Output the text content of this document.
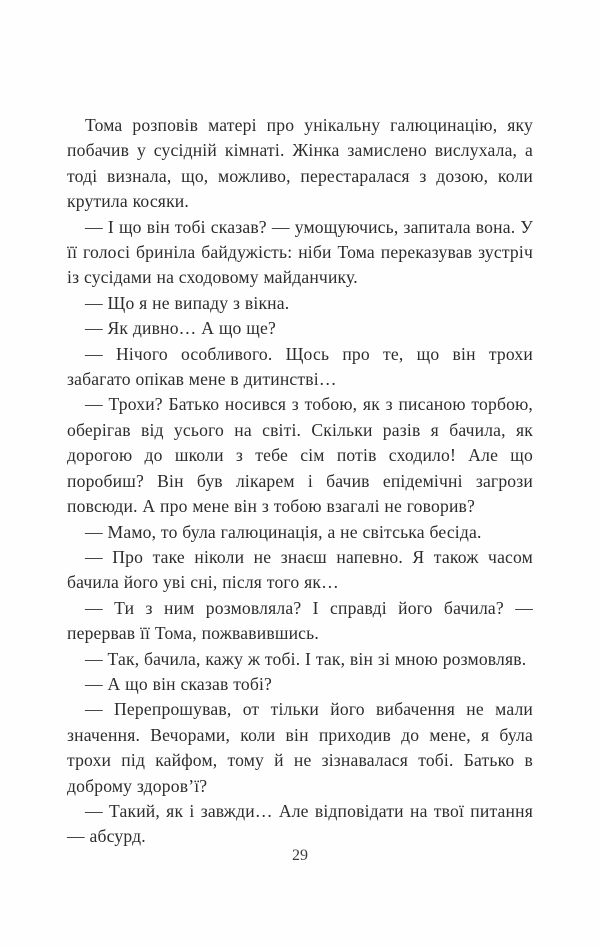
Тома розповів матері про унікальну галюцинацію, яку побачив у сусідній кімнаті. Жінка замислено вислухала, а тоді визнала, що, можливо, перестаралася з дозою, коли крутила косяки.

— І що він тобі сказав? — умощуючись, запитала вона. У її голосі бриніла байдужість: ніби Тома переказував зустріч із сусідами на сходовому майданчику.

— Що я не випаду з вікна.

— Як дивно… А що ще?

— Нічого особливого. Щось про те, що він трохи забагато опікав мене в дитинстві…

— Трохи? Батько носився з тобою, як з писаною торбою, оберігав від усього на світі. Скільки разів я бачила, як дорогою до школи з тебе сім потів сходило! Але що поробиш? Він був лікарем і бачив епідемічні загрози повсюди. А про мене він з тобою взагалі не говорив?

— Мамо, то була галюцинація, а не світська бесіда.

— Про таке ніколи не знаєш напевно. Я також часом бачила його уві сні, після того як…

— Ти з ним розмовляла? І справді його бачила? — перервав її Тома, пожвавившись.

— Так, бачила, кажу ж тобі. І так, він зі мною розмовляв.

— А що він сказав тобі?

— Перепрошував, от тільки його вибачення не мали значення. Вечорами, коли він приходив до мене, я була трохи під кайфом, тому й не зізнавалася тобі. Батько в доброму здоров’ї?

— Такий, як і завжди… Але відповідати на твої питання — абсурд.

29
